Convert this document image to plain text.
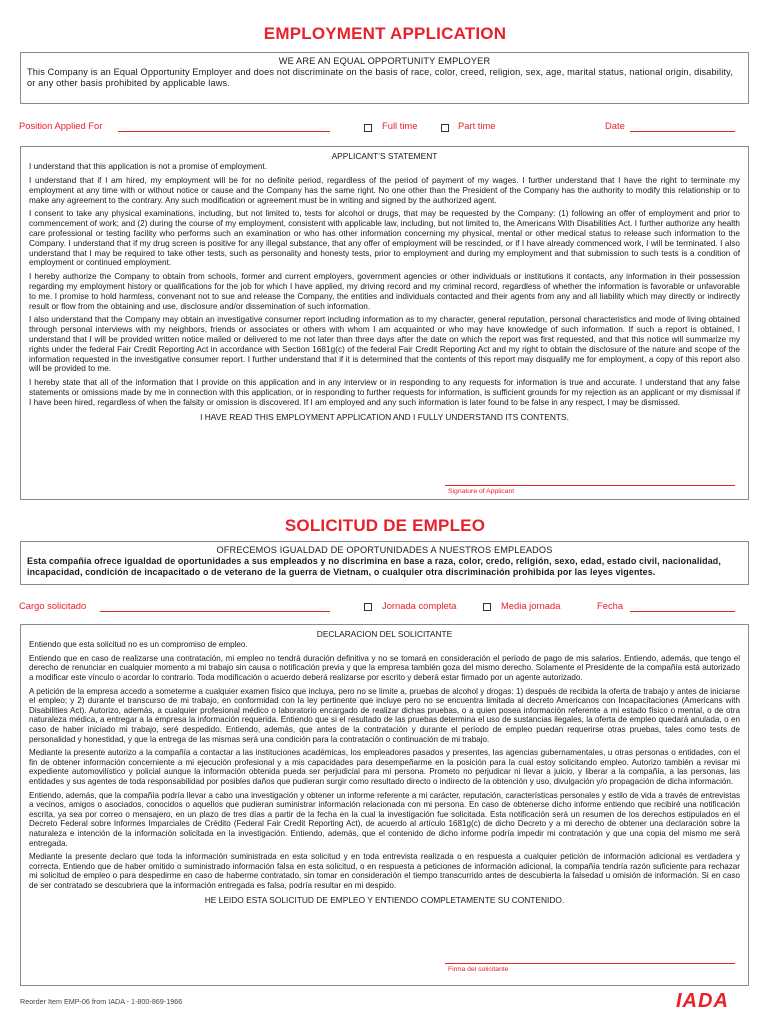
EMPLOYMENT APPLICATION
WE ARE AN EQUAL OPPORTUNITY EMPLOYER
This Company is an Equal Opportunity Employer and does not discriminate on the basis of race, color, creed, religion, sex, age, marital status, national origin, disability, or any other basis prohibited by applicable laws.
Position Applied For	Full time	Part time	Date
APPLICANT’S STATEMENT

I understand that this application is not a promise of employment.

I understand that if I am hired, my employment will be for no definite period, regardless of the period of payment of my wages. I further understand that I have the right to terminate my employment at any time with or without notice or cause and the Company has the same right. No one other than the President of the Company has the authority to modify this relationship or to make any agreement to the contrary. Any such modification or agreement must be in writing and signed by the authorized agent.

I consent to take any physical examinations, including, but not limited to, tests for alcohol or drugs, that may be requested by the Company: (1) following an offer of employment and prior to commencement of work; and (2) during the course of my employment, consistent with applicable law, including, but not limited to, the Americans With Disabilities Act. I further authorize any health care professional or testing facility who performs such an examination or who has other information concerning my physical, mental or other medical status to release such information to the Company. I understand that if my drug screen is positive for any illegal substance, that any offer of employment will be rescinded, or if I have already commenced work, I will be terminated. I also understand that I may be required to take other tests, such as personality and honesty tests, prior to employment and during my employment and that submission to such tests is a condition of employment or continued employment.

I hereby authorize the Company to obtain from schools, former and current employers, government agencies or other individuals or institutions it contacts, any information in their possession regarding my employment history or qualifications for the job for which I have applied, my driving record and my criminal record, regardless of whether the information is favorable or unfavorable to me. I promise to hold harmless, convenant not to sue and release the Company, the entities and individuals contacted and their agents from any and all liability which may directly or indirectly result or flow from the obtaining and use, disclosure and/or dissemination of such information.

I also understand that the Company may obtain an investigative consumer report including information as to my character, general reputation, personal characteristics and mode of living obtained through personal interviews with my neighbors, friends or associates or others with whom I am acquainted or who may have knowledge of such information. If such a report is obtained, I understand that I will be provided written notice mailed or delivered to me not later than three days after the date on which the report was first requested, and that this notice will summarize my rights under the federal Fair Credit Reporting Act in accordance with Section 1681g(c) of the federal Fair Credit Reporting Act and my right to obtain the disclosure of the nature and scope of the information requested in the investigative consumer report. I further understand that if it is determined that the contents of this report may disqualify me for employment, a copy of this report also will be provided to me.

I hereby state that all of the information that I provide on this application and in any interview or in responding to any requests for information is true and accurate. I understand that any false statements or omissions made by me in connection with this application, or in responding to further requests for information, is sufficient grounds for my rejection as an applicant or my dismissal if I have been hired, regardless of when the falsity or omission is discovered. If I am employed and any such information is later found to be false in any respect, I may be dismissed.

I HAVE READ THIS EMPLOYMENT APPLICATION AND I FULLY UNDERSTAND ITS CONTENTS.
Signature of Applicant
SOLICITUD DE EMPLEO
OFRECEMOS IGUALDAD DE OPORTUNIDADES A NUESTROS EMPLEADOS
Esta compañía ofrece igualdad de oportunidades a sus empleados y no discrimina en base a raza, color, credo, religión, sexo, edad, estado civil, nacionalidad, incapacidad, condición de incapacitado o de veterano de la guerra de Vietnam, o cualquier otra discriminación prohibida por las leyes vigentes.
Cargo solicitado	Jornada completa	Media jornada	Fecha
DECLARACION DEL SOLICITANTE

Entiendo que esta solicitud no es un compromiso de empleo.

Entiendo que en caso de realizarse una contratación, mi empleo no tendrá duración definitiva y no se tomará en consideración el período de pago de mis salarios. Entiendo, además, que tengo el derecho de renunciar en cualquier momento a mi trabajo sin causa o notificación previa y que la empresa también goza del mismo derecho. Solamente el Presidente de la compañía está autorizado a modificar este vínculo o acordar lo contrario. Toda modificación o acuerdo deberá realizarse por escrito y deberá estar firmado por un agente autorizado.

A petición de la empresa accedo a someterme a cualquier examen físico que incluya, pero no se limite a, pruebas de alcohol y drogas: 1) después de recibida la oferta de trabajo y antes de iniciarse el empleo; y 2) durante el transcurso de mi trabajo, en conformidad con la ley pertinente que incluye pero no se encuentra limitada al decreto Americanos con Incapacitaciones (Americans with Disabilities Act). Autorizo, además, a cualquier profesional médico o laboratorio encargado de realizar dichas pruebas, o a quien posea información referente a mi estado físico o mental, o de otra naturaleza médica, a entregar a la empresa la información requerida. Entiendo que si el resultado de las pruebas determina el uso de sustancias ilegales, la oferta de empleo quedará anulada, o en caso de haber iniciado mi trabajo, seré despedido. Entiendo, además, que antes de la contratación y durante el período de empleo puedan requerirse otras pruebas, tales como tests de personalidad y honestidad, y que la entrega de las mismas será una condición para la contratación o continuación de mi trabajo.

Mediante la presente autorizo a la compañía a contactar a las instituciones académicas, los empleadores pasados y presentes, las agencias gubernamentales, u otras personas o entidades, con el fin de obtener información concerniente a mi ejecución profesional y a mis capacidades para desempeñarme en la posición para la cual estoy solicitando empleo. Autorizo también a revisar mi expediente automovilístico y policial aunque la información obtenida pueda ser perjudicial para mi persona. Prometo no perjudicar ni llevar a juicio, y liberar a la compañía, a las personas, las entidades y sus agentes de toda responsabilidad por posibles daños que pudieran surgir como resultado directo o indirecto de la obtención y uso, divulgación y/o propagación de dicha información.

Entiendo, además, que la compañía podría llevar a cabo una investigación y obtener un informe referente a mi carácter, reputación, características personales y estilo de vida a través de entrevistas a vecinos, amigos o asociados, conocidos o aquellos que pudieran suministrar información relacionada con mi persona. En caso de obtenerse dicho informe entiendo que recibiré una notificación escrita, ya sea por correo o mensajero, en un plazo de tres días a partir de la fecha en la cual la investigación fue solicitada. Esta notificación será un resumen de los derechos estipulados en el Decreto Federal sobre Informes Imparciales de Crédito (Federal Fair Credit Reporting Act), de acuerdo al artículo 1681g(c) de dicho Decreto y a mi derecho de obtener una declaración sobre la naturaleza e intención de la información solicitada en la investigación. Entiendo, además, que el contenido de dicho informe podría impedir mi contratación y que una copia del mismo me será entregada.

Mediante la presente declaro que toda la información suministrada en esta solicitud y en toda entrevista realizada o en respuesta a cualquier petición de información adicional es verdadera y correcta. Entiendo que de haber omitido o suministrado información falsa en esta solicitud, o en respuesta a peticiones de información adicional, la compañía tendría razón suficiente para rechazar mi solicitud de empleo o para despedirme en caso de haberme contratado, sin tomar en consideración el tiempo transcurrido antes de descubierta la falsedad u omisión de información. Si en caso de ser contratado se descubriera que la información entregada es falsa, podría resultar en mi despido.

HE LEIDO ESTA SOLICITUD DE EMPLEO Y ENTIENDO COMPLETAMENTE SU CONTENIDO.
Firma del solicitante
Reorder Item EMP-06 from IADA - 1-800-869-1966	IADA
